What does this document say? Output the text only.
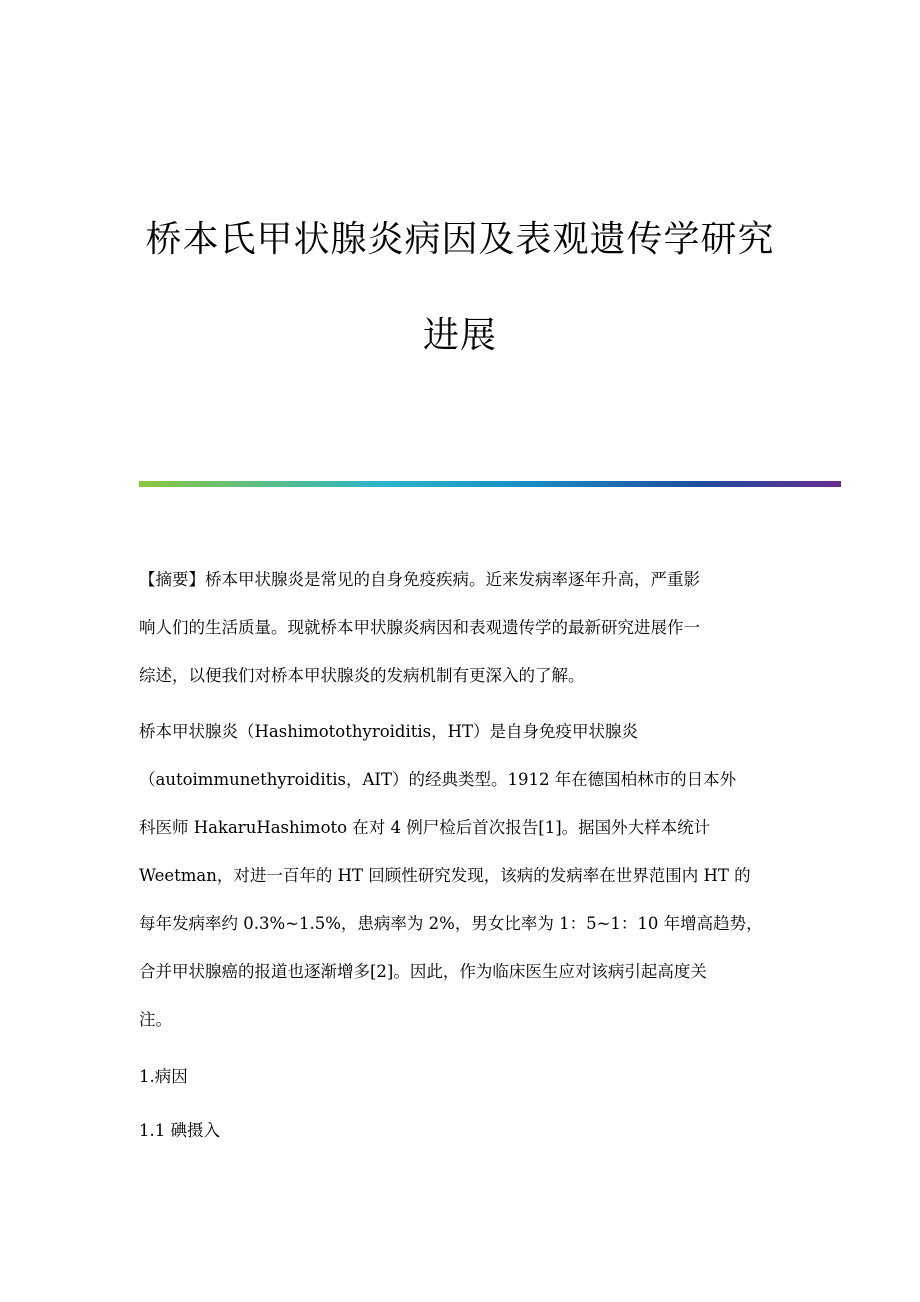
桥本氏甲状腺炎病因及表观遗传学研究
进展

【摘要】桥本甲状腺炎是常见的自身免疫疾病。近来发病率逐年升高，严重影
响人们的生活质量。现就桥本甲状腺炎病因和表观遗传学的最新研究进展作一
综述，以便我们对桥本甲状腺炎的发病机制有更深入的了解。

桥本甲状腺炎（Hashimotothyroiditis，HT）是自身免疫甲状腺炎
（autoimmunethyroiditis，AIT）的经典类型。1912 年在德国柏林市的日本外
科医师 HakaruHashimoto 在对 4 例尸检后首次报告[1]。据国外大样本统计
Weetman，对进一百年的 HT 回顾性研究发现，该病的发病率在世界范围内 HT 的
每年发病率约 0.3%~1.5%，患病率为 2%，男女比率为 1：5~1：10 年增高趋势，
合并甲状腺癌的报道也逐渐增多[2]。因此，作为临床医生应对该病引起高度关
注。

1.病因

1.1 碘摄入
